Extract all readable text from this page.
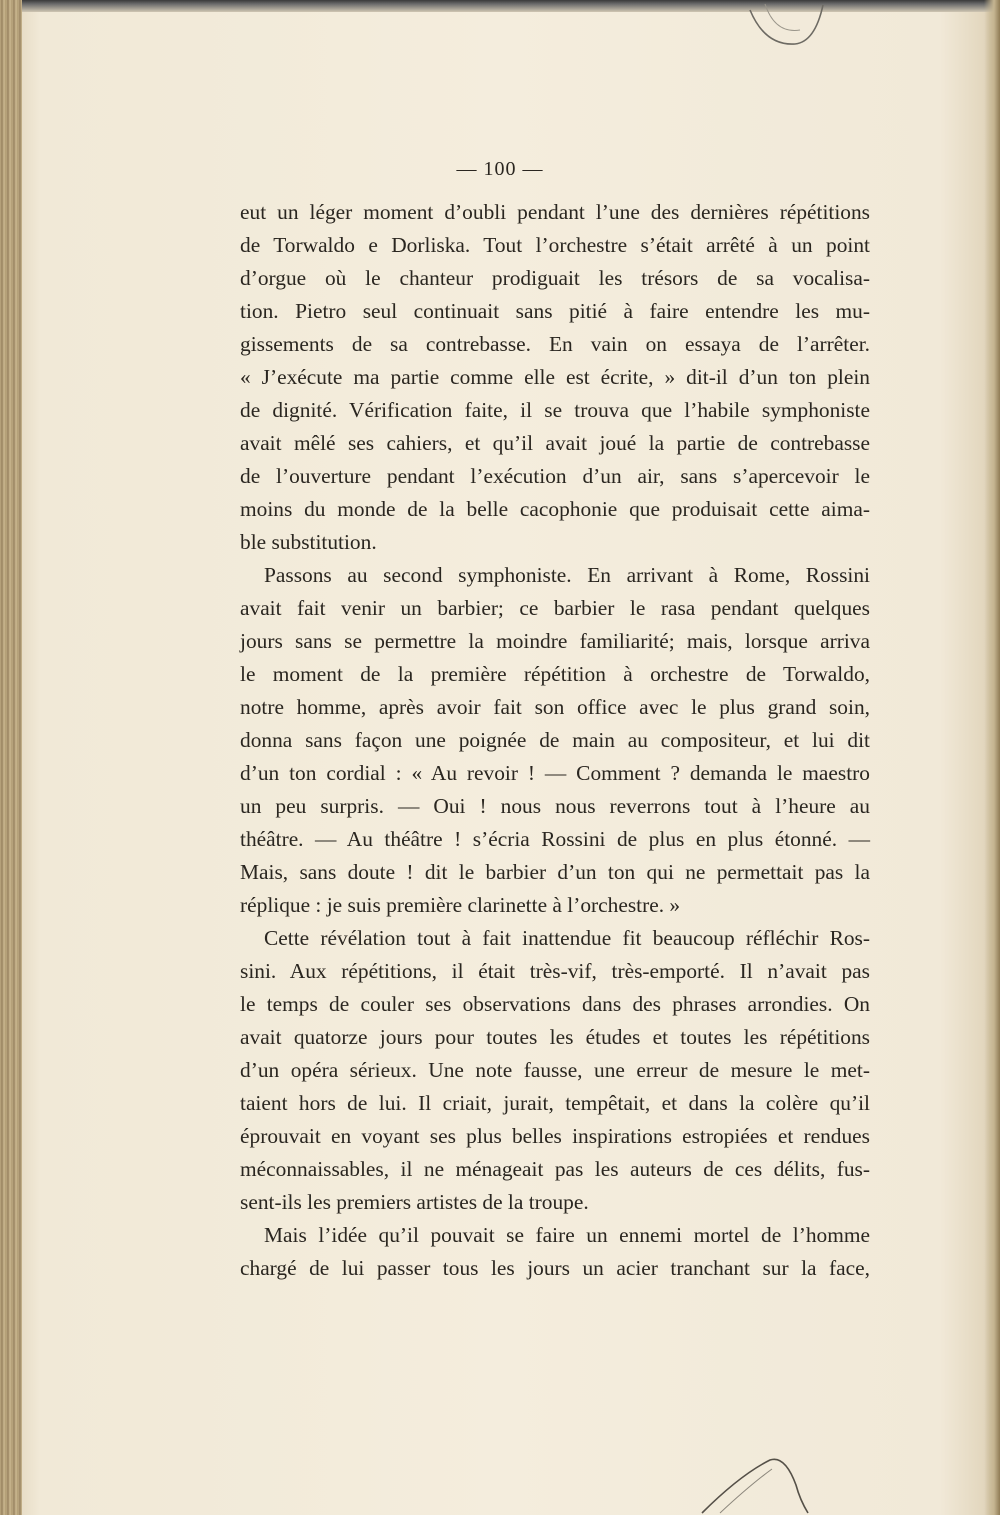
— 100 —
eut un léger moment d’oubli pendant l’une des dernières répétitions
de Torwaldo e Dorliska. Tout l’orchestre s’était arrêté à un point
d’orgue où le chanteur prodiguait les trésors de sa vocalisa-
tion. Pietro seul continuait sans pitié à faire entendre les mu-
gissements de sa contrebasse. En vain on essaya de l’arrêter.
« J’exécute ma partie comme elle est écrite, » dit-il d’un ton plein
de dignité. Vérification faite, il se trouva que l’habile symphoniste
avait mêlé ses cahiers, et qu’il avait joué la partie de contrebasse
de l’ouverture pendant l’exécution d’un air, sans s’apercevoir le
moins du monde de la belle cacophonie que produisait cette aima-
ble substitution.
Passons au second symphoniste. En arrivant à Rome, Rossini
avait fait venir un barbier; ce barbier le rasa pendant quelques
jours sans se permettre la moindre familiarité; mais, lorsque arriva
le moment de la première répétition à orchestre de Torwaldo,
notre homme, après avoir fait son office avec le plus grand soin,
donna sans façon une poignée de main au compositeur, et lui dit
d’un ton cordial : « Au revoir ! — Comment ? demanda le maestro
un peu surpris. — Oui ! nous nous reverrons tout à l’heure au
théâtre. — Au théâtre ! s’écria Rossini de plus en plus étonné. —
Mais, sans doute ! dit le barbier d’un ton qui ne permettait pas la
réplique : je suis première clarinette à l’orchestre. »
Cette révélation tout à fait inattendue fit beaucoup réfléchir Ros-
sini. Aux répétitions, il était très-vif, très-emporté. Il n’avait pas
le temps de couler ses observations dans des phrases arrondies. On
avait quatorze jours pour toutes les études et toutes les répétitions
d’un opéra sérieux. Une note fausse, une erreur de mesure le met-
taient hors de lui. Il criait, jurait, tempêtait, et dans la colère qu’il
éprouvait en voyant ses plus belles inspirations estropiées et rendues
méconnaissables, il ne ménageait pas les auteurs de ces délits, fus-
sent-ils les premiers artistes de la troupe.
Mais l’idée qu’il pouvait se faire un ennemi mortel de l’homme
chargé de lui passer tous les jours un acier tranchant sur la face,
